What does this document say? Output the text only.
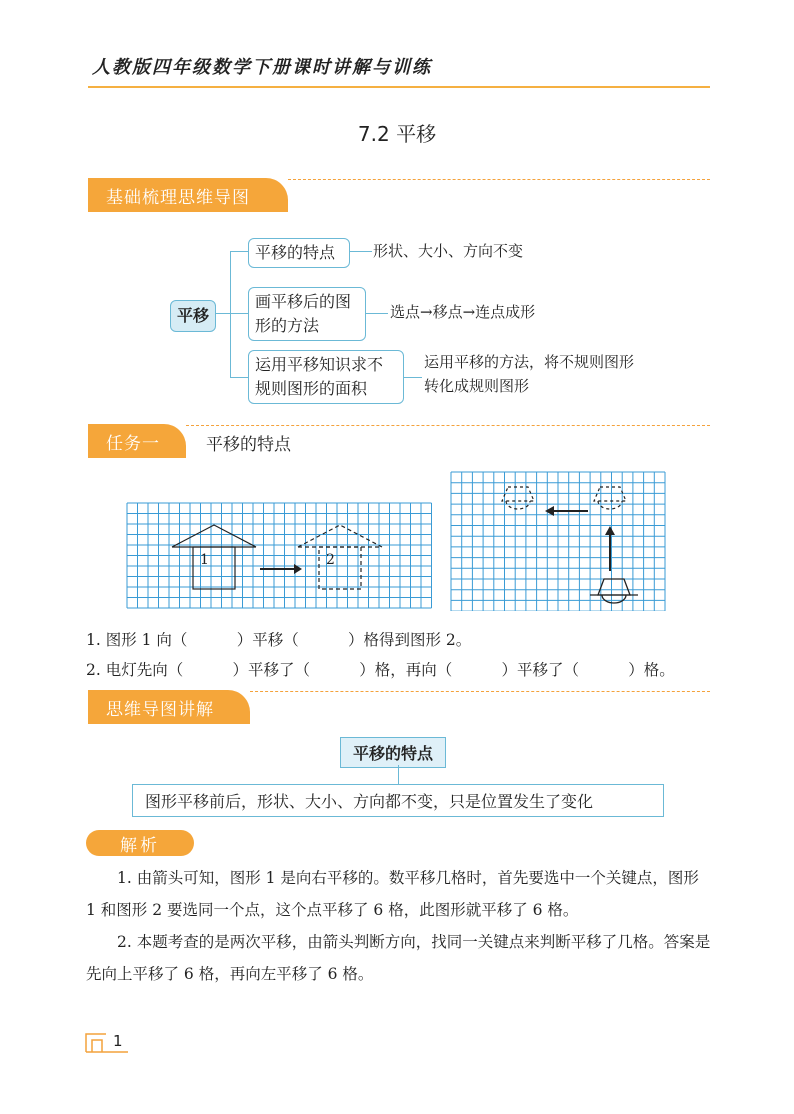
人教版四年级数学下册课时讲解与训练
7.2 平移
基础梳理思维导图
平移
平移的特点	形状、大小、方向不变
画平移后的图形的方法
选点→移点→连点成形
运用平移知识求不规则图形的面积
运用平移的方法，将不规则图形转化成规则图形
任务一	平移的特点
1	2
1. 图形 1 向（          ）平移（          ）格得到图形 2。
2. 电灯先向（          ）平移了（          ）格，再向（          ）平移了（          ）格。
思维导图讲解
平移的特点
图形平移前后，形状、大小、方向都不变，只是位置发生了变化
解析
1. 由箭头可知，图形 1 是向右平移的。数平移几格时，首先要选中一个关键点，图形 1 和图形 2 要选同一个点，这个点平移了 6 格，此图形就平移了 6 格。
2. 本题考查的是两次平移，由箭头判断方向，找同一关键点来判断平移了几格。答案是先向上平移了 6 格，再向左平移了 6 格。
1
